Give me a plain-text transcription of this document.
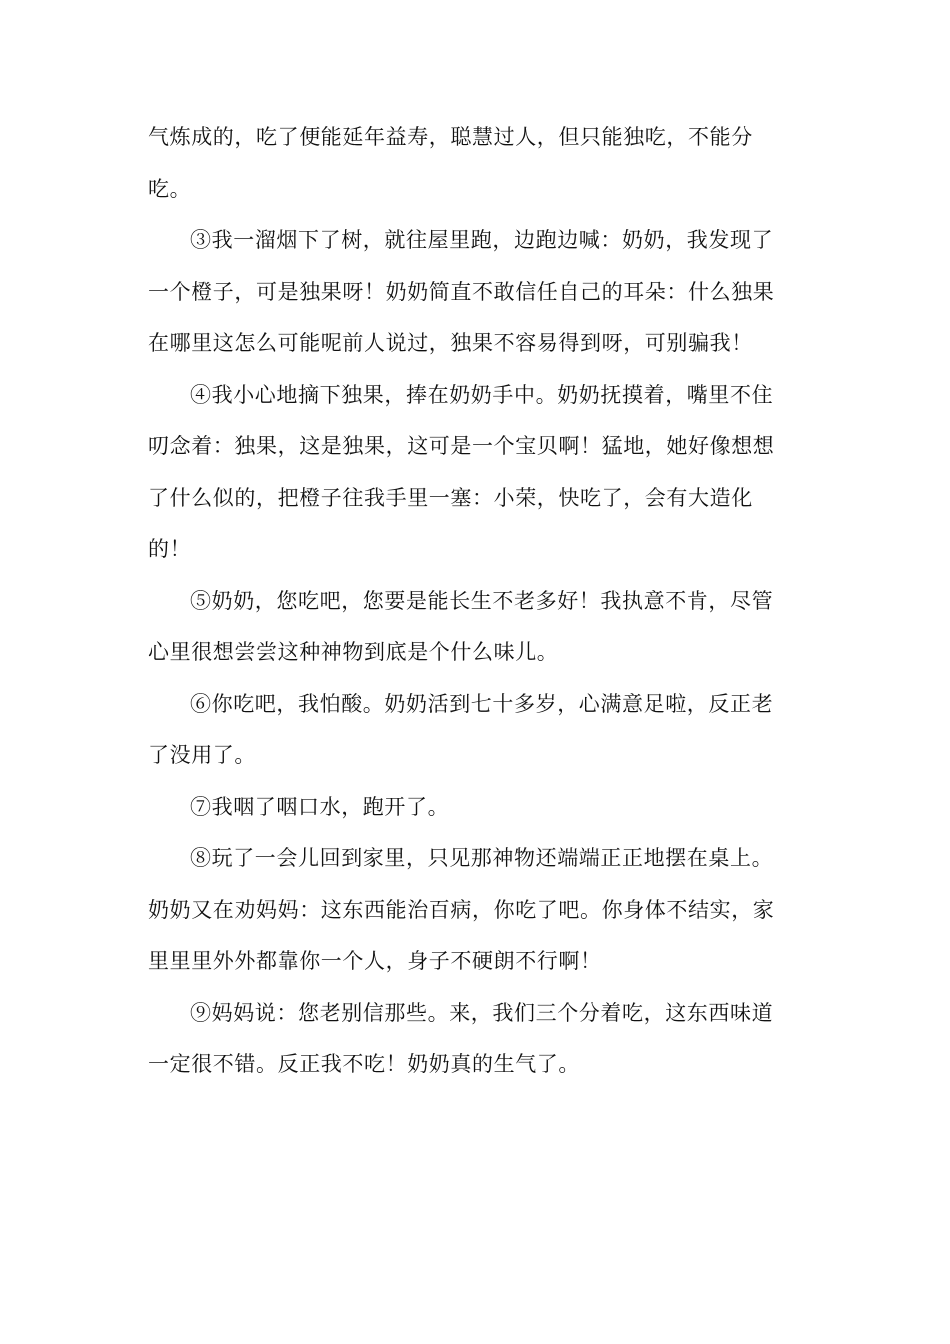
气炼成的，吃了便能延年益寿，聪慧过人，但只能独吃，不能分
吃。
③我一溜烟下了树，就往屋里跑，边跑边喊：奶奶，我发现了
一个橙子，可是独果呀！奶奶简直不敢信任自己的耳朵：什么独果
在哪里这怎么可能呢前人说过，独果不容易得到呀，可别骗我！
④我小心地摘下独果，捧在奶奶手中。奶奶抚摸着，嘴里不住
叨念着：独果，这是独果，这可是一个宝贝啊！猛地，她好像想想
了什么似的，把橙子往我手里一塞：小荣，快吃了，会有大造化
的！
⑤奶奶，您吃吧，您要是能长生不老多好！我执意不肯，尽管
心里很想尝尝这种神物到底是个什么味儿。
⑥你吃吧，我怕酸。奶奶活到七十多岁，心满意足啦，反正老
了没用了。
⑦我咽了咽口水，跑开了。
⑧玩了一会儿回到家里，只见那神物还端端正正地摆在桌上。
奶奶又在劝妈妈：这东西能治百病，你吃了吧。你身体不结实，家
里里里外外都靠你一个人，身子不硬朗不行啊！
⑨妈妈说：您老别信那些。来，我们三个分着吃，这东西味道
一定很不错。反正我不吃！奶奶真的生气了。
